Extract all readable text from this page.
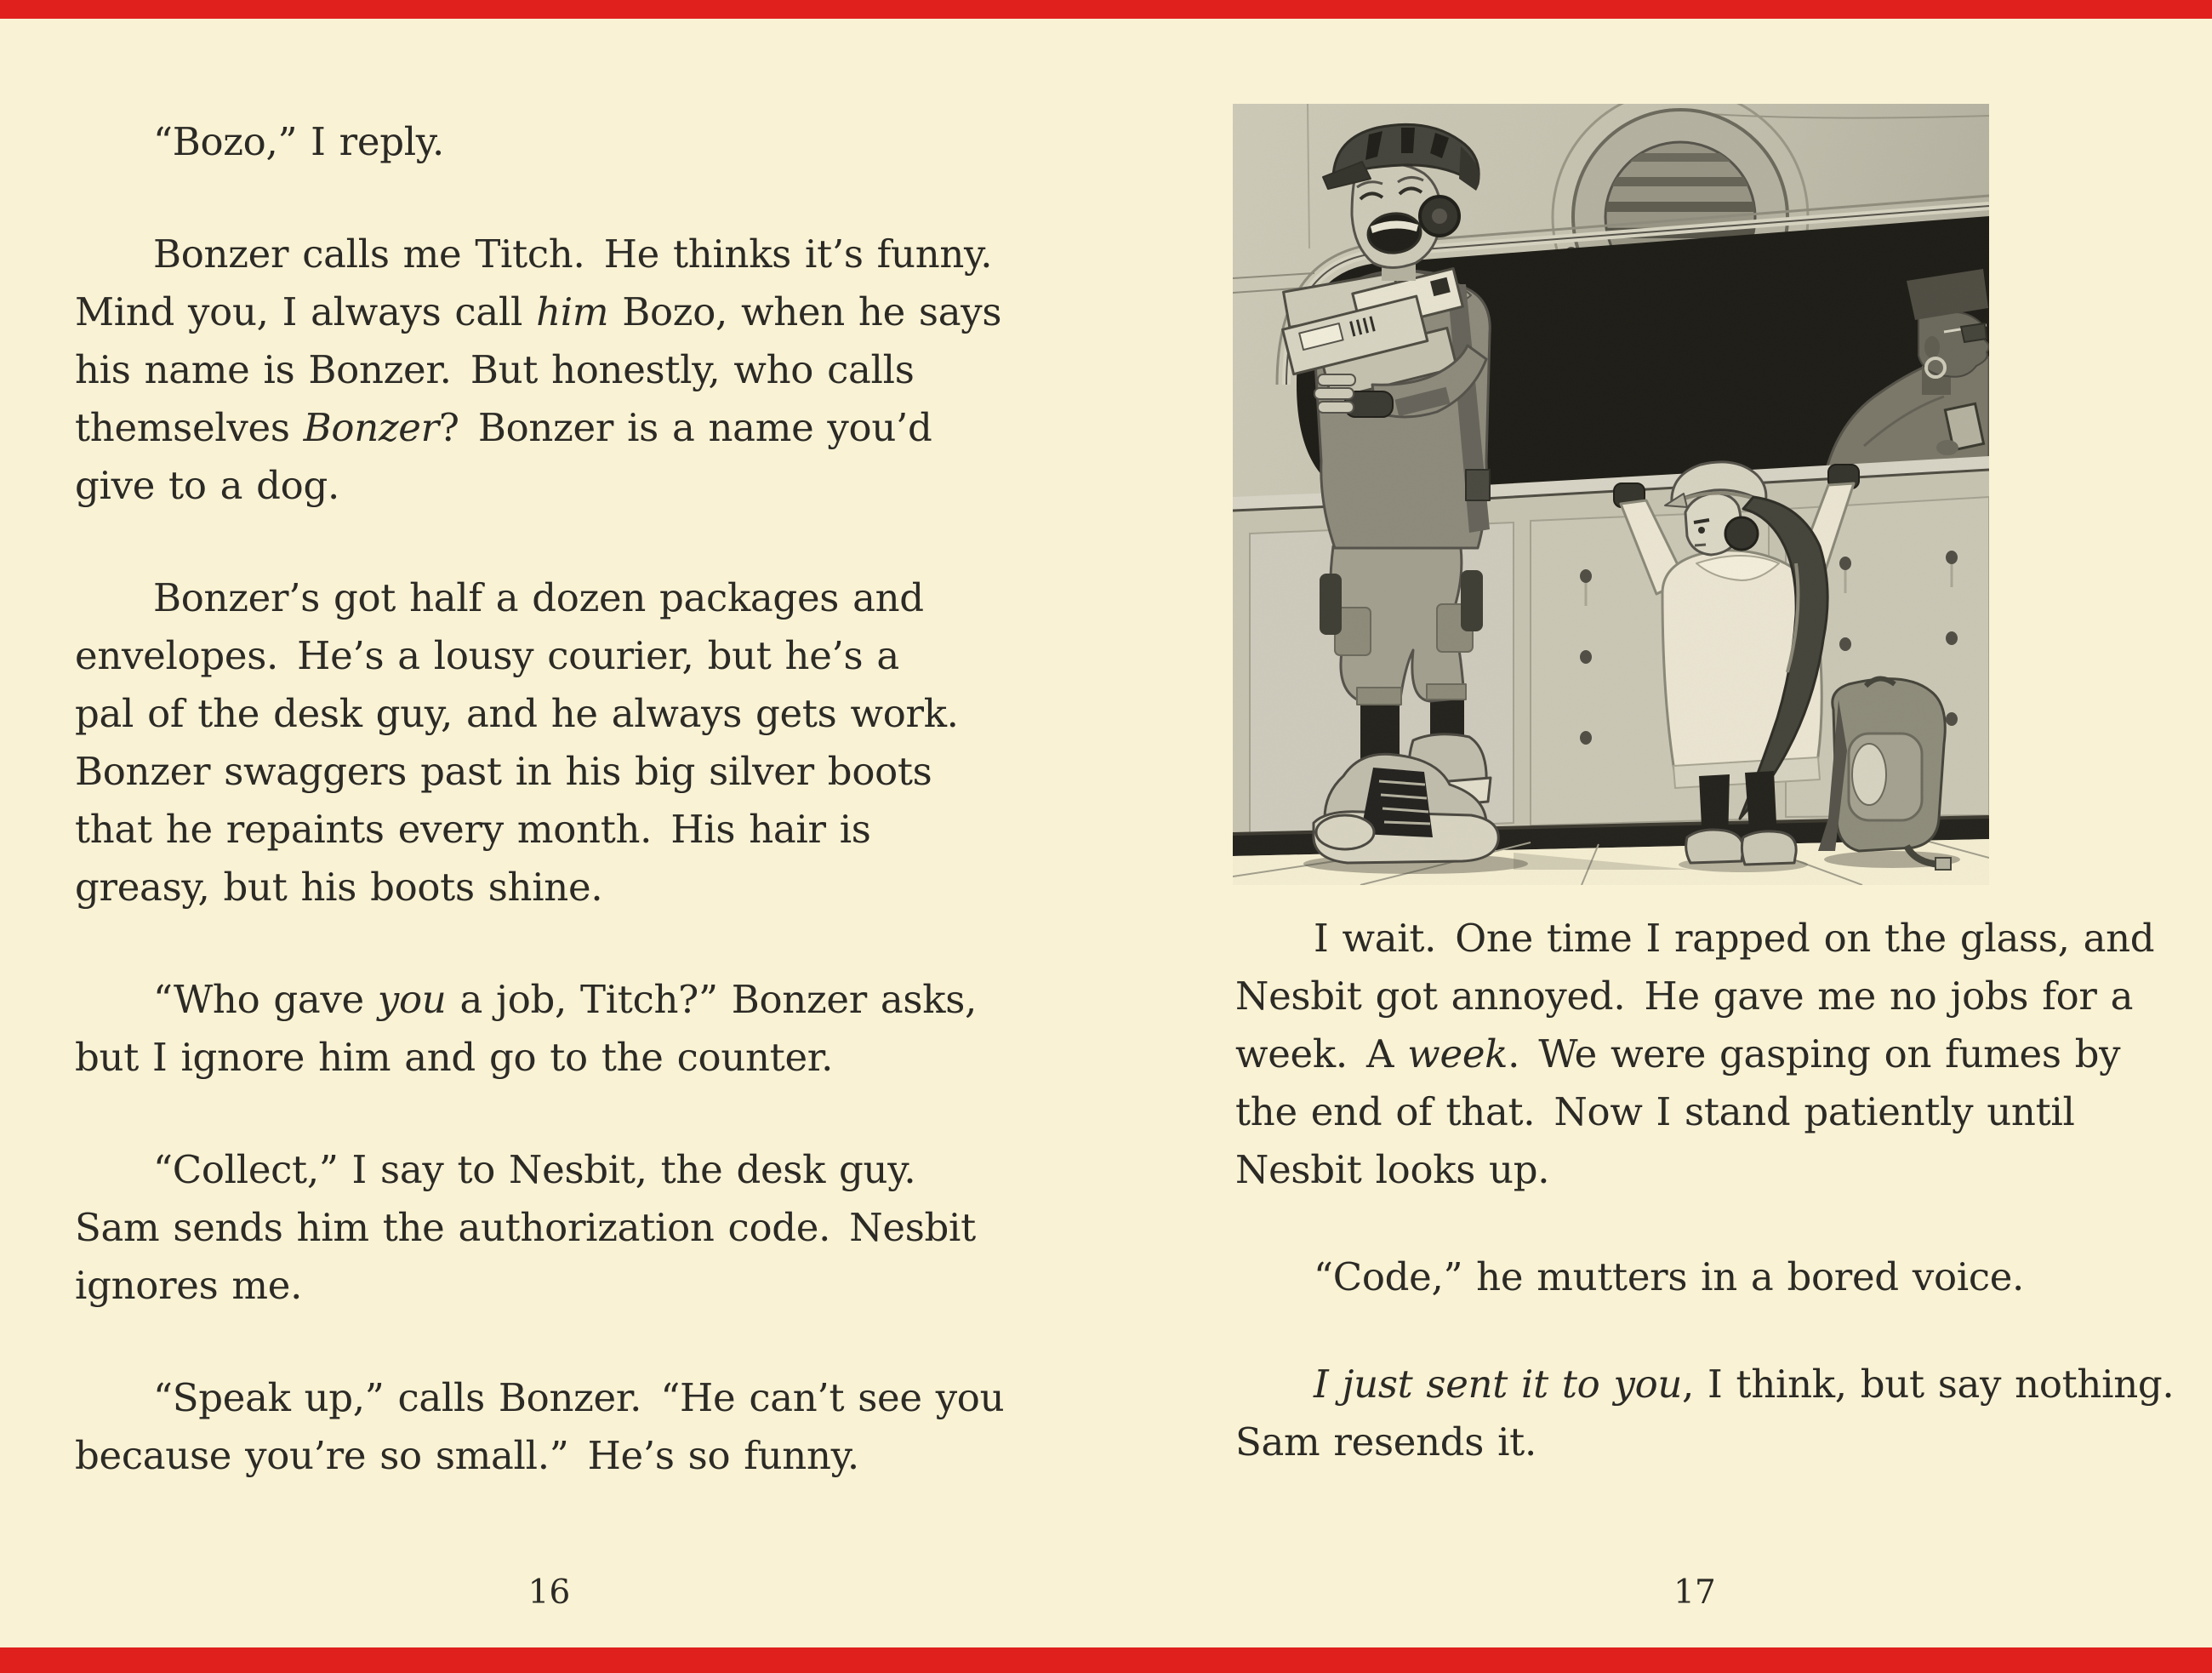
“Bozo,” I reply.
Bonzer calls me Titch. He thinks it’s funny.
Mind you, I always call him Bozo, when he says
his name is Bonzer. But honestly, who calls
themselves Bonzer? Bonzer is a name you’d
give to a dog.
Bonzer’s got half a dozen packages and
envelopes. He’s a lousy courier, but he’s a
pal of the desk guy, and he always gets work.
Bonzer swaggers past in his big silver boots
that he repaints every month. His hair is
greasy, but his boots shine.
“Who gave you a job, Titch?” Bonzer asks,
but I ignore him and go to the counter.
“Collect,” I say to Nesbit, the desk guy.
Sam sends him the authorization code. Nesbit
ignores me.
“Speak up,” calls Bonzer. “He can’t see you
because you’re so small.” He’s so funny.
16
I wait. One time I rapped on the glass, and
Nesbit got annoyed. He gave me no jobs for a
week. A week. We were gasping on fumes by
the end of that. Now I stand patiently until
Nesbit looks up.
“Code,” he mutters in a bored voice.
I just sent it to you, I think, but say nothing.
Sam resends it.
17
